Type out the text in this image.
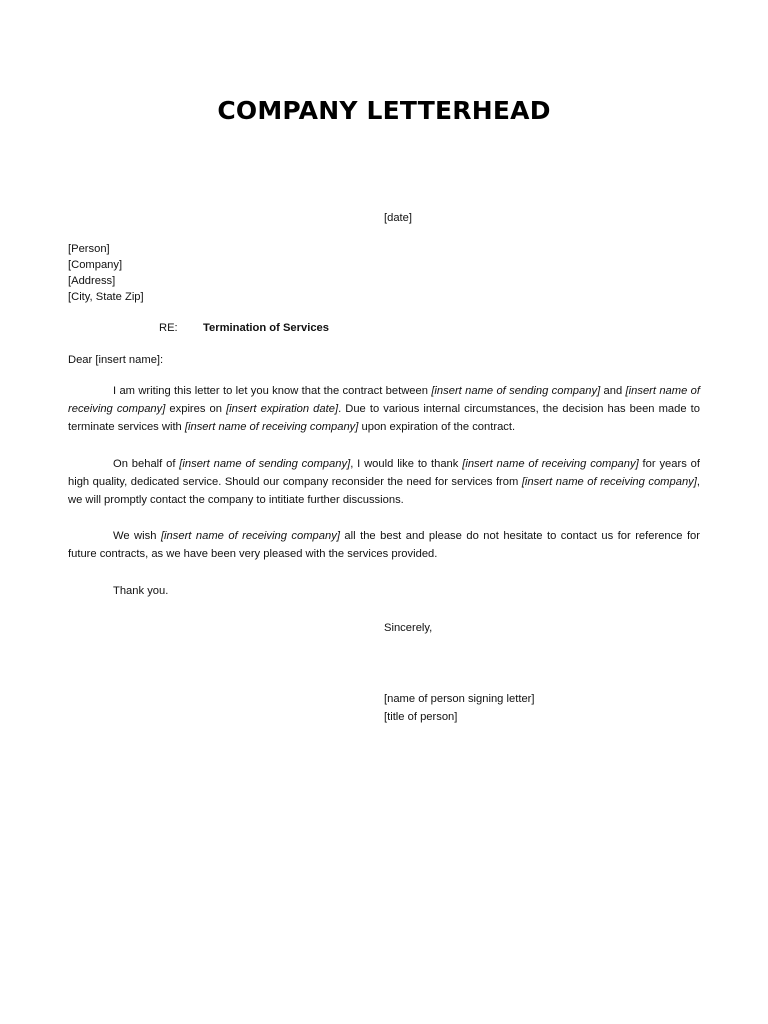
COMPANY LETTERHEAD
[date]
[Person]
[Company]
[Address]
[City, State Zip]
RE: Termination of Services
Dear [insert name]:
I am writing this letter to let you know that the contract between [insert name of sending company] and [insert name of receiving company] expires on [insert expiration date]. Due to various internal circumstances, the decision has been made to terminate services with [insert name of receiving company] upon expiration of the contract.
On behalf of [insert name of sending company], I would like to thank [insert name of receiving company] for years of high quality, dedicated service. Should our company reconsider the need for services from [insert name of receiving company], we will promptly contact the company to intitiate further discussions.
We wish [insert name of receiving company] all the best and please do not hesitate to contact us for reference for future contracts, as we have been very pleased with the services provided.
Thank you.
Sincerely,
[name of person signing letter]
[title of person]
